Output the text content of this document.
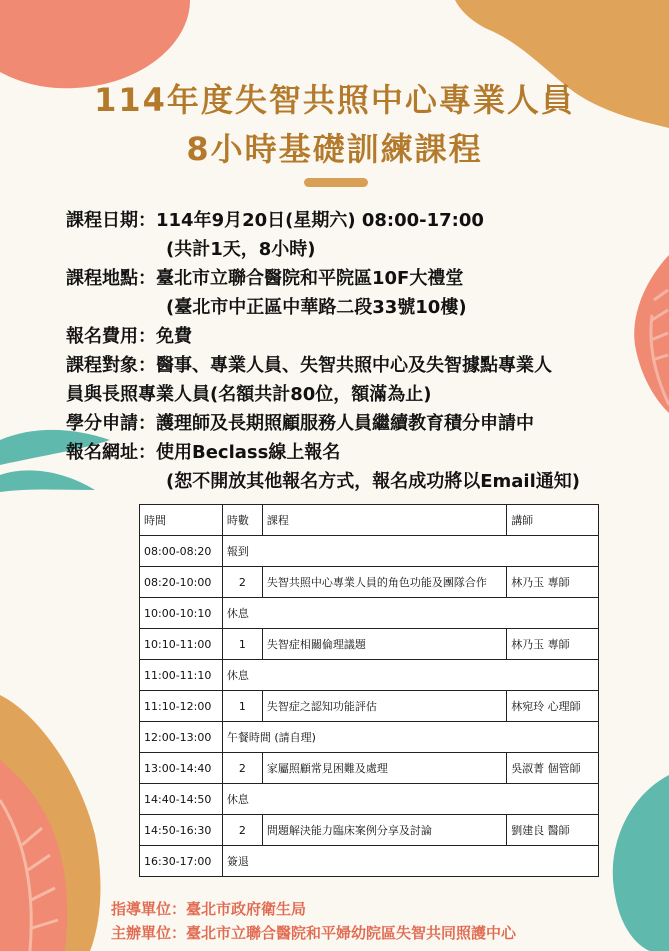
114年度失智共照中心專業人員
8小時基礎訓練課程
課程日期：114年9月20日(星期六) 08:00-17:00
(共計1天，8小時)
課程地點：臺北市立聯合醫院和平院區10F大禮堂
(臺北市中正區中華路二段33號10樓)
報名費用：免費
課程對象：醫事、專業人員、失智共照中心及失智據點專業人
員與長照專業人員(名額共計80位，額滿為止)
學分申請：護理師及長期照顧服務人員繼續教育積分申請中
報名網址：使用Beclass線上報名
(恕不開放其他報名方式，報名成功將以Email通知)
時間	時數	課程	講師
08:00-08:20	報到		
08:20-10:00	2	失智共照中心專業人員的角色功能及團隊合作	林乃玉 專師
10:00-10:10	休息		
10:10-11:00	1	失智症相關倫理議題	林乃玉 專師
11:00-11:10	休息		
11:10-12:00	1	失智症之認知功能評估	林宛玲 心理師
12:00-13:00	午餐時間 (請自理)		
13:00-14:40	2	家屬照顧常見困難及處理	吳淑菁 個管師
14:40-14:50	休息		
14:50-16:30	2	問題解決能力臨床案例分享及討論	劉建良 醫師
16:30-17:00	簽退		
指導單位：臺北市政府衛生局
主辦單位：臺北市立聯合醫院和平婦幼院區失智共同照護中心
